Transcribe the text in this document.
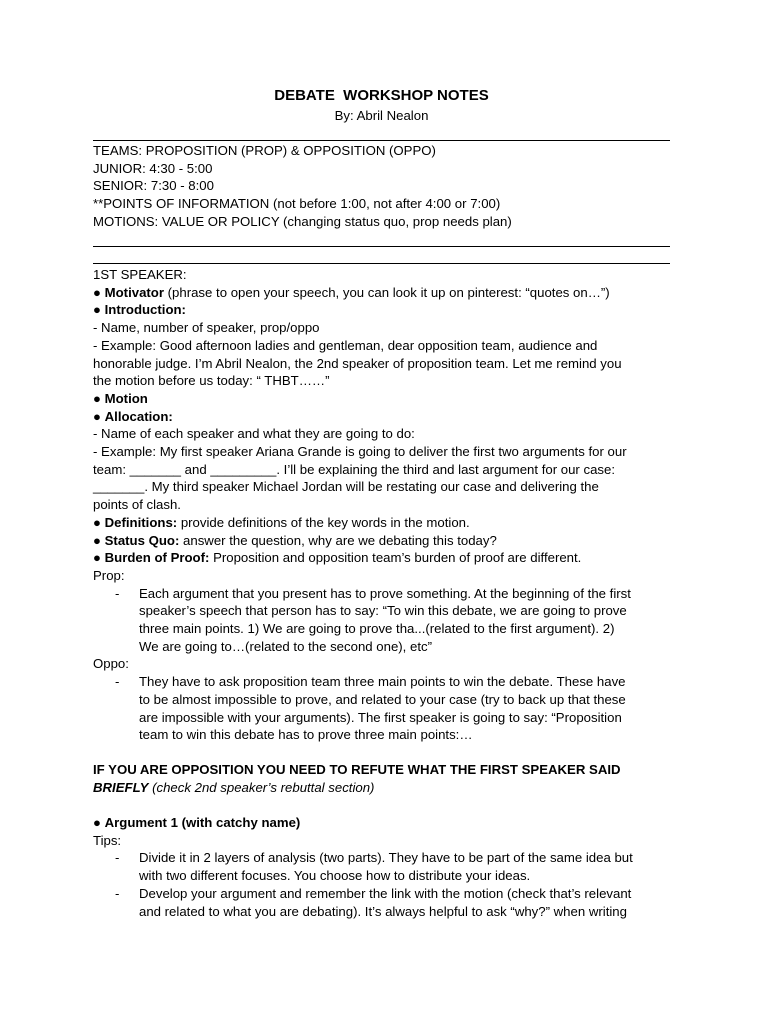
DEBATE  WORKSHOP NOTES
By: Abril Nealon
TEAMS: PROPOSITION (PROP) & OPPOSITION (OPPO)
JUNIOR: 4:30 - 5:00
SENIOR: 7:30 - 8:00
**POINTS OF INFORMATION (not before 1:00, not after 4:00 or 7:00)
MOTIONS: VALUE OR POLICY (changing status quo, prop needs plan)
1ST SPEAKER:
● Motivator (phrase to open your speech, you can look it up on pinterest: “quotes on…”)
● Introduction:
- Name, number of speaker, prop/oppo
- Example: Good afternoon ladies and gentleman, dear opposition team, audience and
honorable judge. I’m Abril Nealon, the 2nd speaker of proposition team. Let me remind you
the motion before us today: “ THBT……”
● Motion
● Allocation:
- Name of each speaker and what they are going to do:
- Example: My first speaker Ariana Grande is going to deliver the first two arguments for our
team: _______ and _________. I’ll be explaining the third and last argument for our case:
_______. My third speaker Michael Jordan will be restating our case and delivering the
points of clash.
● Definitions: provide definitions of the key words in the motion.
● Status Quo: answer the question, why are we debating this today?
● Burden of Proof: Proposition and opposition team’s burden of proof are different.
Prop:
- Each argument that you present has to prove something. At the beginning of the first
speaker’s speech that person has to say: “To win this debate, we are going to prove
three main points. 1) We are going to prove tha...(related to the first argument). 2)
We are going to…(related to the second one), etc”
Oppo:
- They have to ask proposition team three main points to win the debate. These have
to be almost impossible to prove, and related to your case (try to back up that these
are impossible with your arguments). The first speaker is going to say: “Proposition
team to win this debate has to prove three main points:…
IF YOU ARE OPPOSITION YOU NEED TO REFUTE WHAT THE FIRST SPEAKER SAID
BRIEFLY (check 2nd speaker’s rebuttal section)
● Argument 1 (with catchy name)
Tips:
- Divide it in 2 layers of analysis (two parts). They have to be part of the same idea but
with two different focuses. You choose how to distribute your ideas.
- Develop your argument and remember the link with the motion (check that’s relevant
and related to what you are debating). It’s always helpful to ask “why?” when writing
